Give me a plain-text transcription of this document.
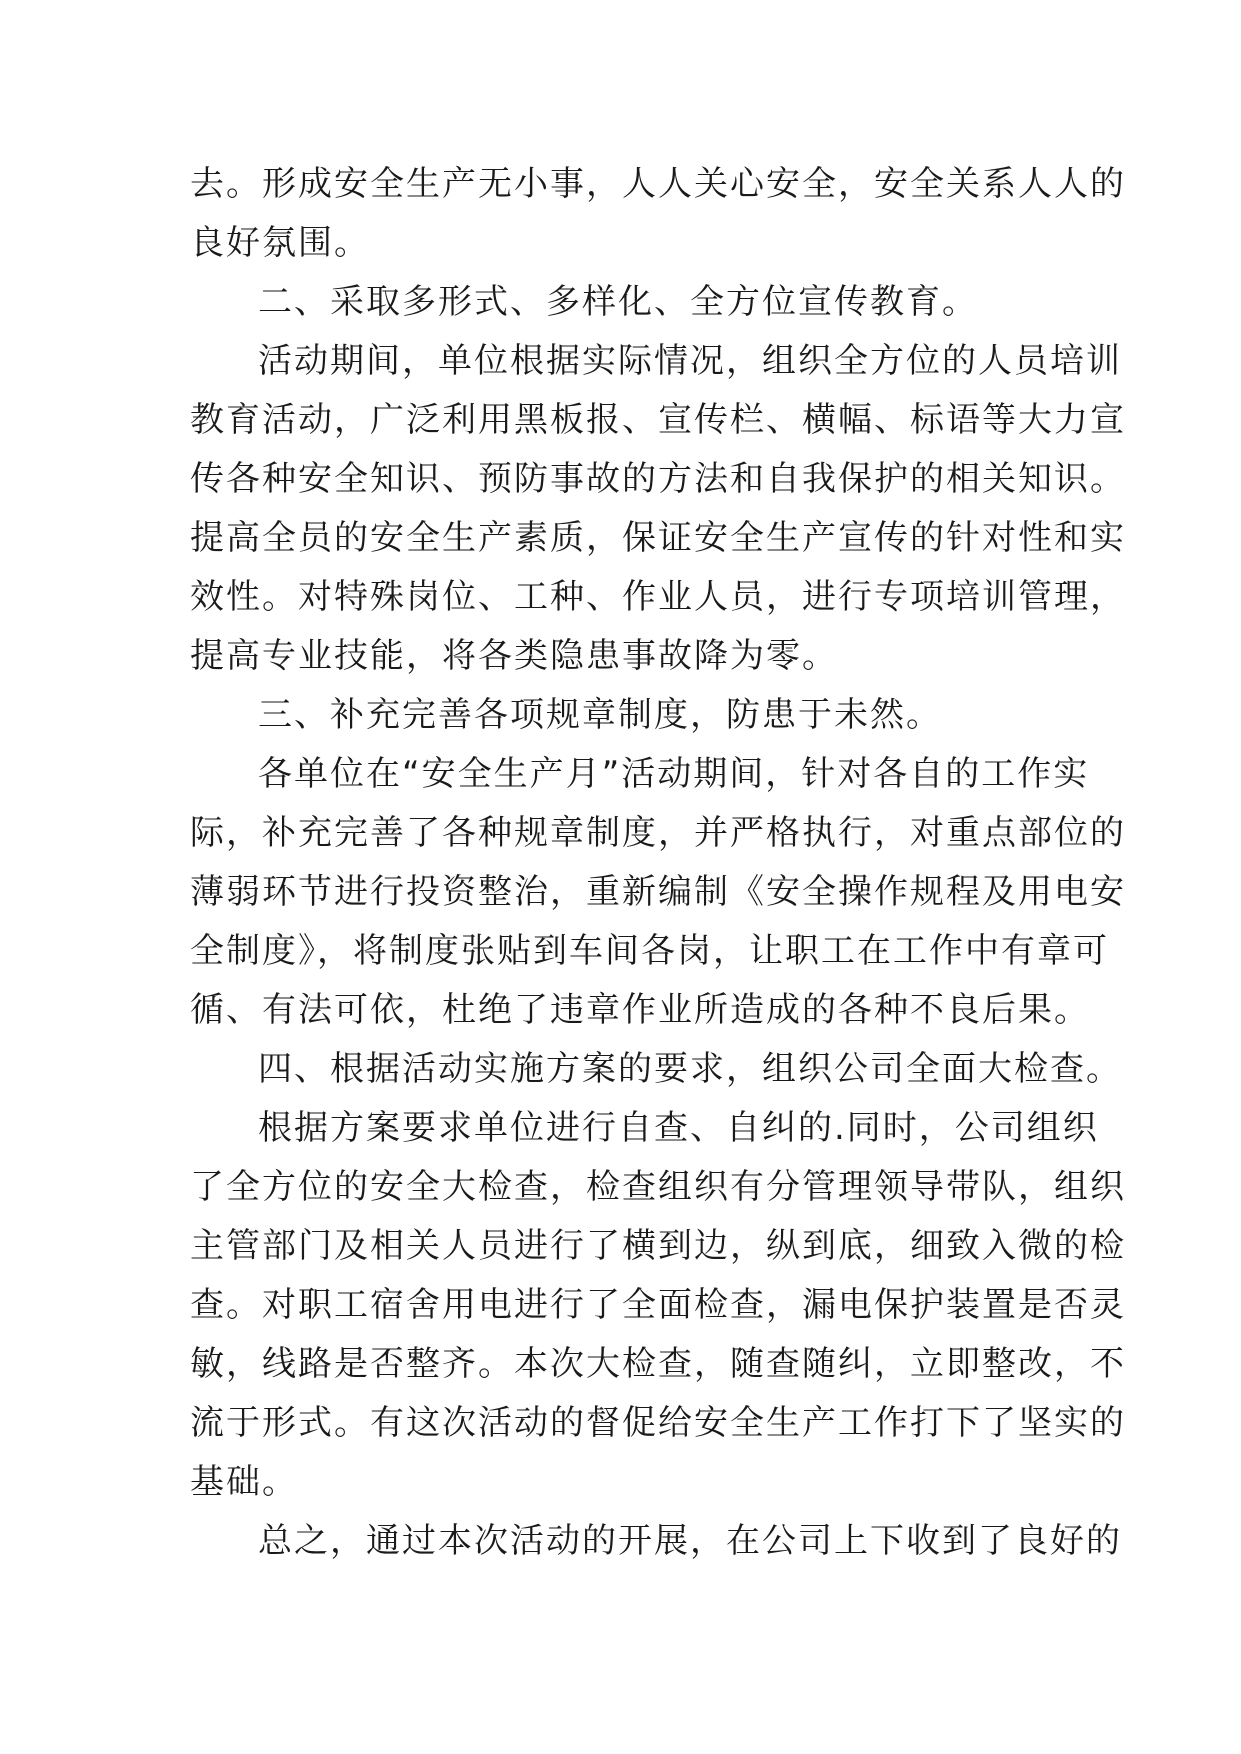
去。形成安全生产无小事，人人关心安全，安全关系人人的
良好氛围。
二、采取多形式、多样化、全方位宣传教育。
活动期间，单位根据实际情况，组织全方位的人员培训
教育活动，广泛利用黑板报、宣传栏、横幅、标语等大力宣
传各种安全知识、预防事故的方法和自我保护的相关知识。
提高全员的安全生产素质，保证安全生产宣传的针对性和实
效性。对特殊岗位、工种、作业人员，进行专项培训管理，
提高专业技能，将各类隐患事故降为零。
三、补充完善各项规章制度，防患于未然。
各单位在“安全生产月”活动期间，针对各自的工作实
际，补充完善了各种规章制度，并严格执行，对重点部位的
薄弱环节进行投资整治，重新编制《安全操作规程及用电安
全制度》，将制度张贴到车间各岗，让职工在工作中有章可
循、有法可依，杜绝了违章作业所造成的各种不良后果。
四、根据活动实施方案的要求，组织公司全面大检查。
根据方案要求单位进行自查、自纠的.同时，公司组织
了全方位的安全大检查，检查组织有分管理领导带队，组织
主管部门及相关人员进行了横到边，纵到底，细致入微的检
查。对职工宿舍用电进行了全面检查，漏电保护装置是否灵
敏，线路是否整齐。本次大检查，随查随纠，立即整改，不
流于形式。有这次活动的督促给安全生产工作打下了坚实的
基础。
总之，通过本次活动的开展，在公司上下收到了良好的
